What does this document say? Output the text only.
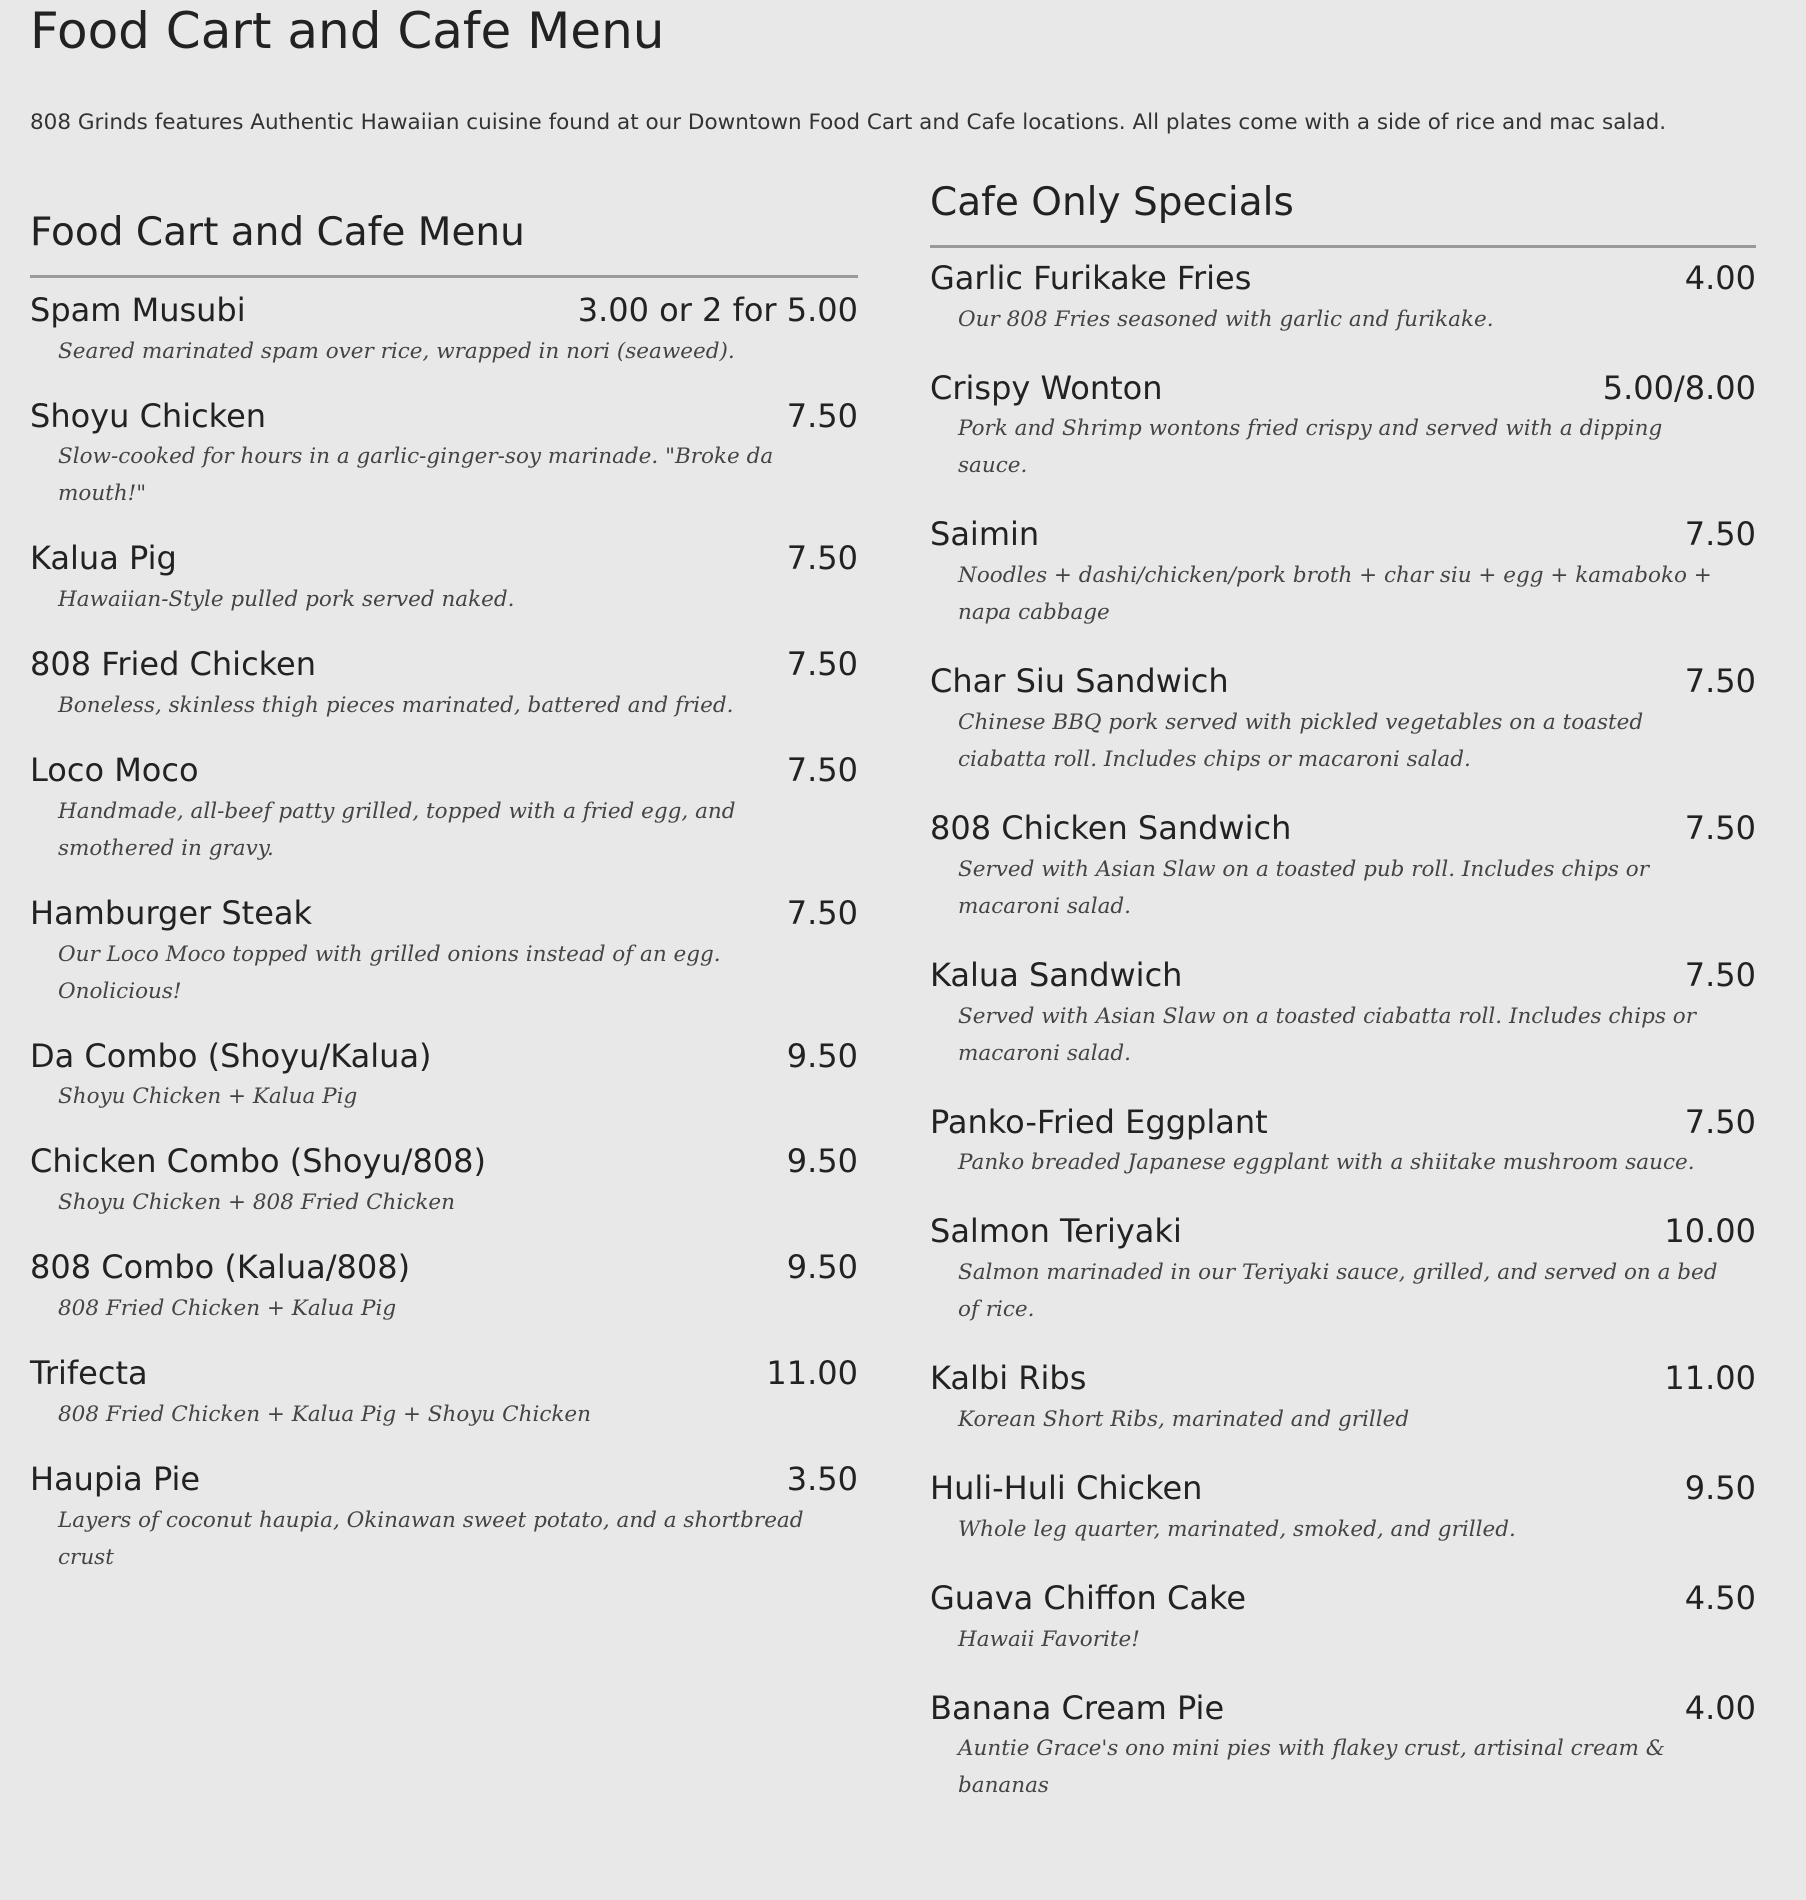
Food Cart and Cafe Menu

808 Grinds features Authentic Hawaiian cuisine found at our Downtown Food Cart and Cafe locations. All plates come with a side of rice and mac salad.

Food Cart and Cafe Menu
Spam Musubi	3.00 or 2 for 5.00
Seared marinated spam over rice, wrapped in nori (seaweed).
Shoyu Chicken	7.50
Slow-cooked for hours in a garlic-ginger-soy marinade. "Broke da mouth!"
Kalua Pig	7.50
Hawaiian-Style pulled pork served naked.
808 Fried Chicken	7.50
Boneless, skinless thigh pieces marinated, battered and fried.
Loco Moco	7.50
Handmade, all-beef patty grilled, topped with a fried egg, and smothered in gravy.
Hamburger Steak	7.50
Our Loco Moco topped with grilled onions instead of an egg. Onolicious!
Da Combo (Shoyu/Kalua)	9.50
Shoyu Chicken + Kalua Pig
Chicken Combo (Shoyu/808)	9.50
Shoyu Chicken + 808 Fried Chicken
808 Combo (Kalua/808)	9.50
808 Fried Chicken + Kalua Pig
Trifecta	11.00
808 Fried Chicken + Kalua Pig + Shoyu Chicken
Haupia Pie	3.50
Layers of coconut haupia, Okinawan sweet potato, and a shortbread crust
Cafe Only Specials
Garlic Furikake Fries	4.00
Our 808 Fries seasoned with garlic and furikake.
Crispy Wonton	5.00/8.00
Pork and Shrimp wontons fried crispy and served with a dipping sauce.
Saimin	7.50
Noodles + dashi/chicken/pork broth + char siu + egg + kamaboko + napa cabbage
Char Siu Sandwich	7.50
Chinese BBQ pork served with pickled vegetables on a toasted ciabatta roll. Includes chips or macaroni salad.
808 Chicken Sandwich	7.50
Served with Asian Slaw on a toasted pub roll. Includes chips or macaroni salad.
Kalua Sandwich	7.50
Served with Asian Slaw on a toasted ciabatta roll. Includes chips or macaroni salad.
Panko-Fried Eggplant	7.50
Panko breaded Japanese eggplant with a shiitake mushroom sauce.
Salmon Teriyaki	10.00
Salmon marinaded in our Teriyaki sauce, grilled, and served on a bed of rice.
Kalbi Ribs	11.00
Korean Short Ribs, marinated and grilled
Huli-Huli Chicken	9.50
Whole leg quarter, marinated, smoked, and grilled.
Guava Chiffon Cake	4.50
Hawaii Favorite!
Banana Cream Pie	4.00
Auntie Grace's ono mini pies with flakey crust, artisinal cream & bananas
